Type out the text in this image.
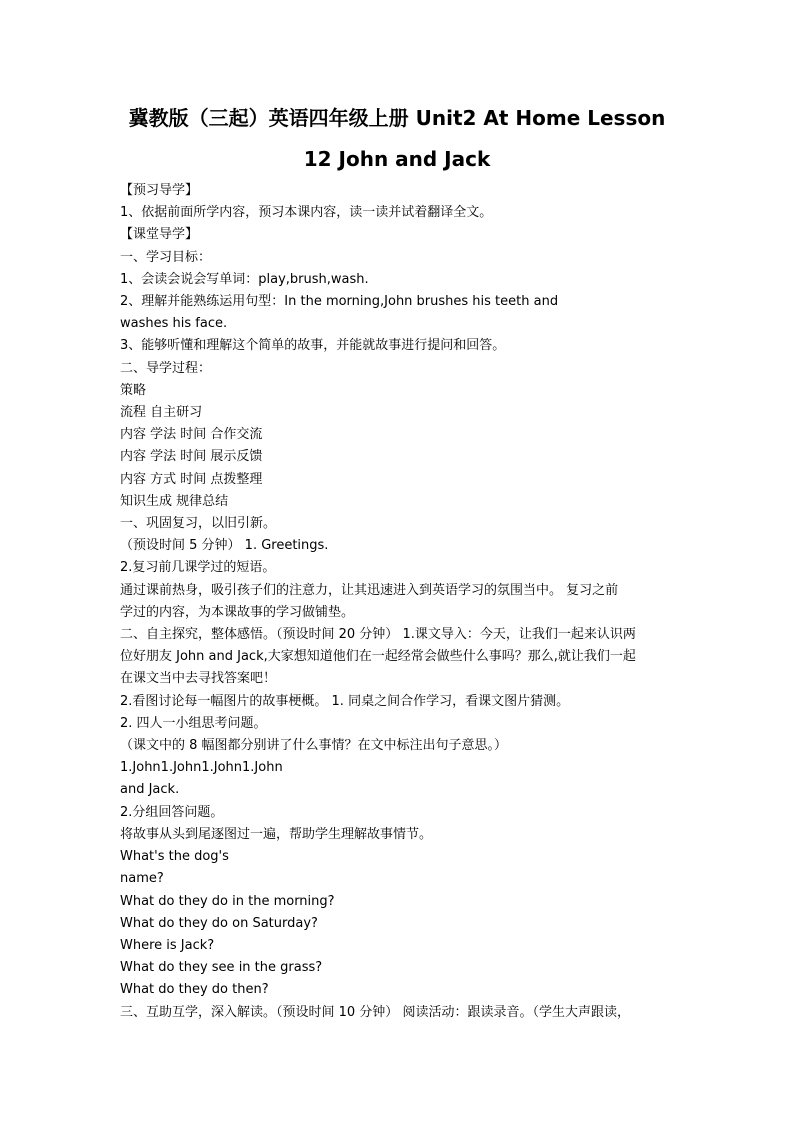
冀教版（三起）英语四年级上册 Unit2 At Home Lesson
12 John and Jack
【预习导学】
1、依据前面所学内容，预习本课内容，读一读并试着翻译全文。
【课堂导学】
一、学习目标：
1、会读会说会写单词：play,brush,wash.
2、理解并能熟练运用句型：In the morning,John brushes his teeth and
washes his face.
3、能够听懂和理解这个简单的故事，并能就故事进行提问和回答。
二、导学过程：
策略
流程 自主研习
内容 学法 时间 合作交流
内容 学法 时间 展示反馈
内容 方式 时间 点拨整理
知识生成 规律总结
一、巩固复习，以旧引新。
（预设时间 5 分钟） 1. Greetings.
2.复习前几课学过的短语。
通过课前热身，吸引孩子们的注意力，让其迅速进入到英语学习的氛围当中。 复习之前
学过的内容，为本课故事的学习做铺垫。
二、自主探究，整体感悟。（预设时间 20 分钟） 1.课文导入：今天，让我们一起来认识两
位好朋友 John and Jack,大家想知道他们在一起经常会做些什么事吗？那么,就让我们一起
在课文当中去寻找答案吧！
2.看图讨论每一幅图片的故事梗概。 1. 同桌之间合作学习，看课文图片猜测。
2. 四人一小组思考问题。
（课文中的 8 幅图都分别讲了什么事情？在文中标注出句子意思。）
1.John1.John1.John1.John
and Jack.
2.分组回答问题。
将故事从头到尾逐图过一遍，帮助学生理解故事情节。
What's the dog's
name?
What do they do in the morning?
What do they do on Saturday?
Where is Jack?
What do they see in the grass?
What do they do then?
三、互助互学，深入解读。（预设时间 10 分钟） 阅读活动：跟读录音。（学生大声跟读，
